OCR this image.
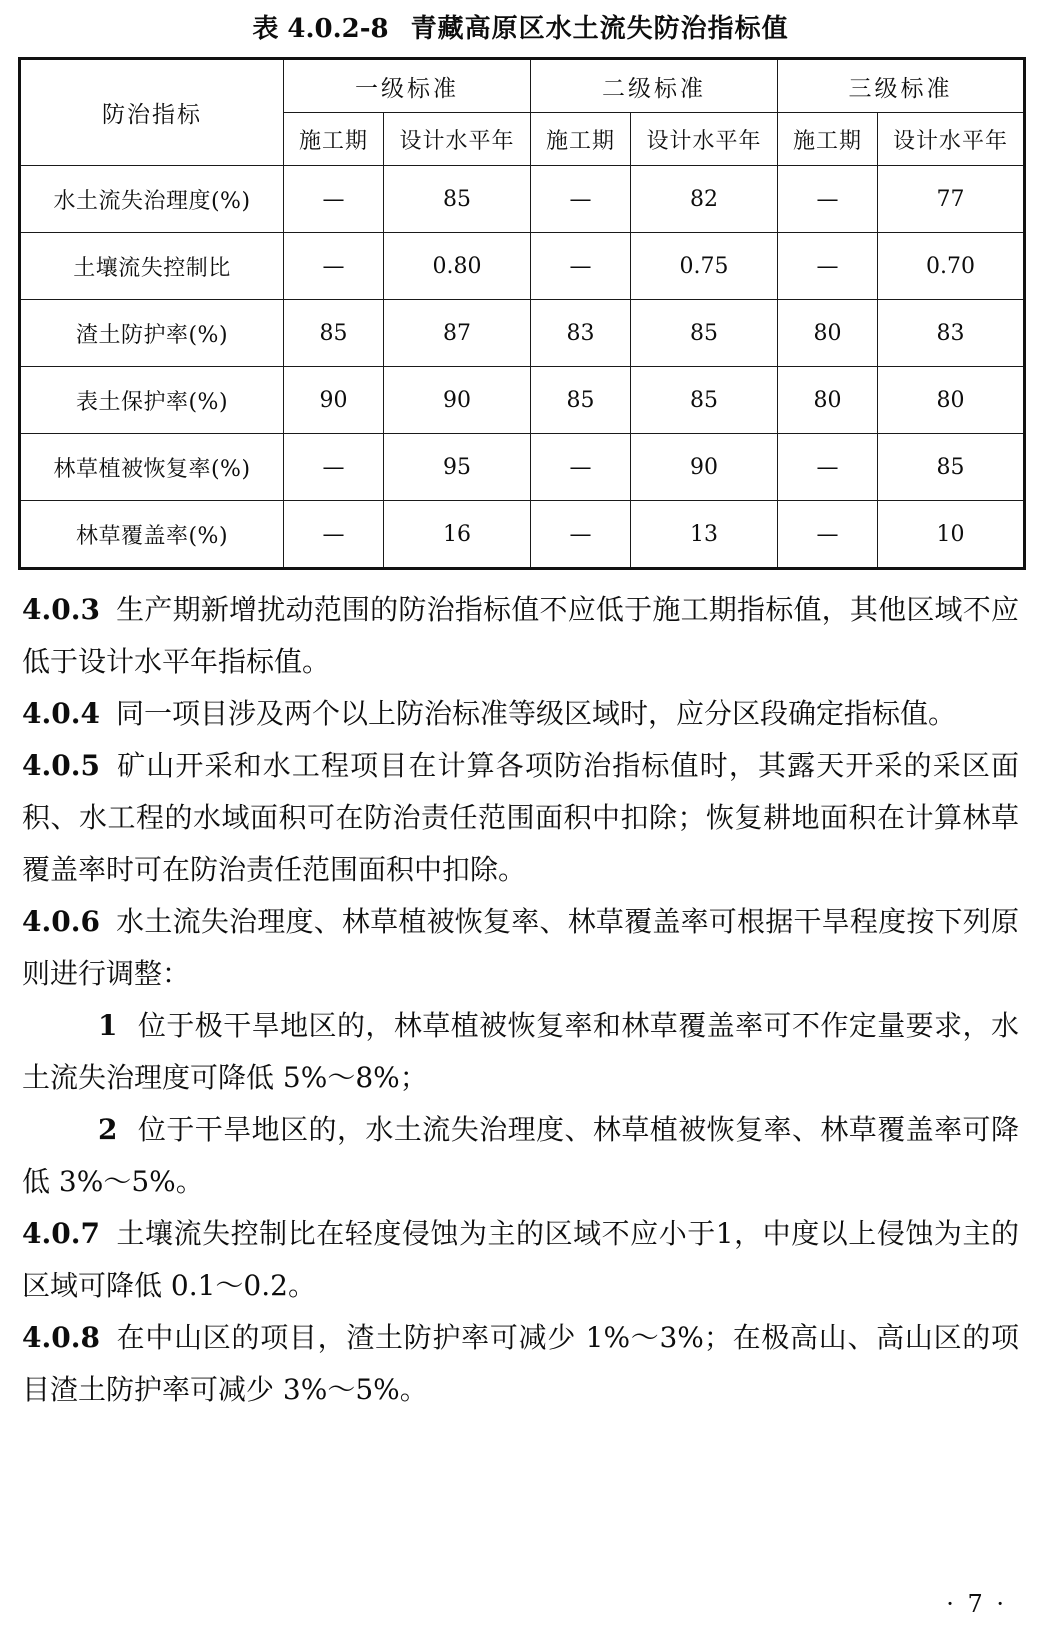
表 4.0.2-8 青藏高原区水土流失防治指标值
防治指标	一级标准		二级标准		三级标准	
	施工期	设计水平年	施工期	设计水平年	施工期	设计水平年
水土流失治理度(%)	—	85	—	82	—	77
土壤流失控制比	—	0.80	—	0.75	—	0.70
渣土防护率(%)	85	87	83	85	80	83
表土保护率(%)	90	90	85	85	80	80
林草植被恢复率(%)	—	95	—	90	—	85
林草覆盖率(%)	—	16	—	13	—	10

4.0.3 生产期新增扰动范围的防治指标值不应低于施工期指标值，其他区域不应低于设计水平年指标值。

4.0.4 同一项目涉及两个以上防治标准等级区域时，应分区段确定指标值。

4.0.5 矿山开采和水工程项目在计算各项防治指标值时，其露天开采的采区面积、水工程的水域面积可在防治责任范围面积中扣除；恢复耕地面积在计算林草覆盖率时可在防治责任范围面积中扣除。

4.0.6 水土流失治理度、林草植被恢复率、林草覆盖率可根据干旱程度按下列原则进行调整：

1 位于极干旱地区的，林草植被恢复率和林草覆盖率可不作定量要求，水土流失治理度可降低 5%～8%；

2 位于干旱地区的，水土流失治理度、林草植被恢复率、林草覆盖率可降低 3%～5%。

4.0.7 土壤流失控制比在轻度侵蚀为主的区域不应小于1，中度以上侵蚀为主的区域可降低 0.1～0.2。

4.0.8 在中山区的项目，渣土防护率可减少 1%～3%；在极高山、高山区的项目渣土防护率可减少 3%～5%。

· 7 ·
